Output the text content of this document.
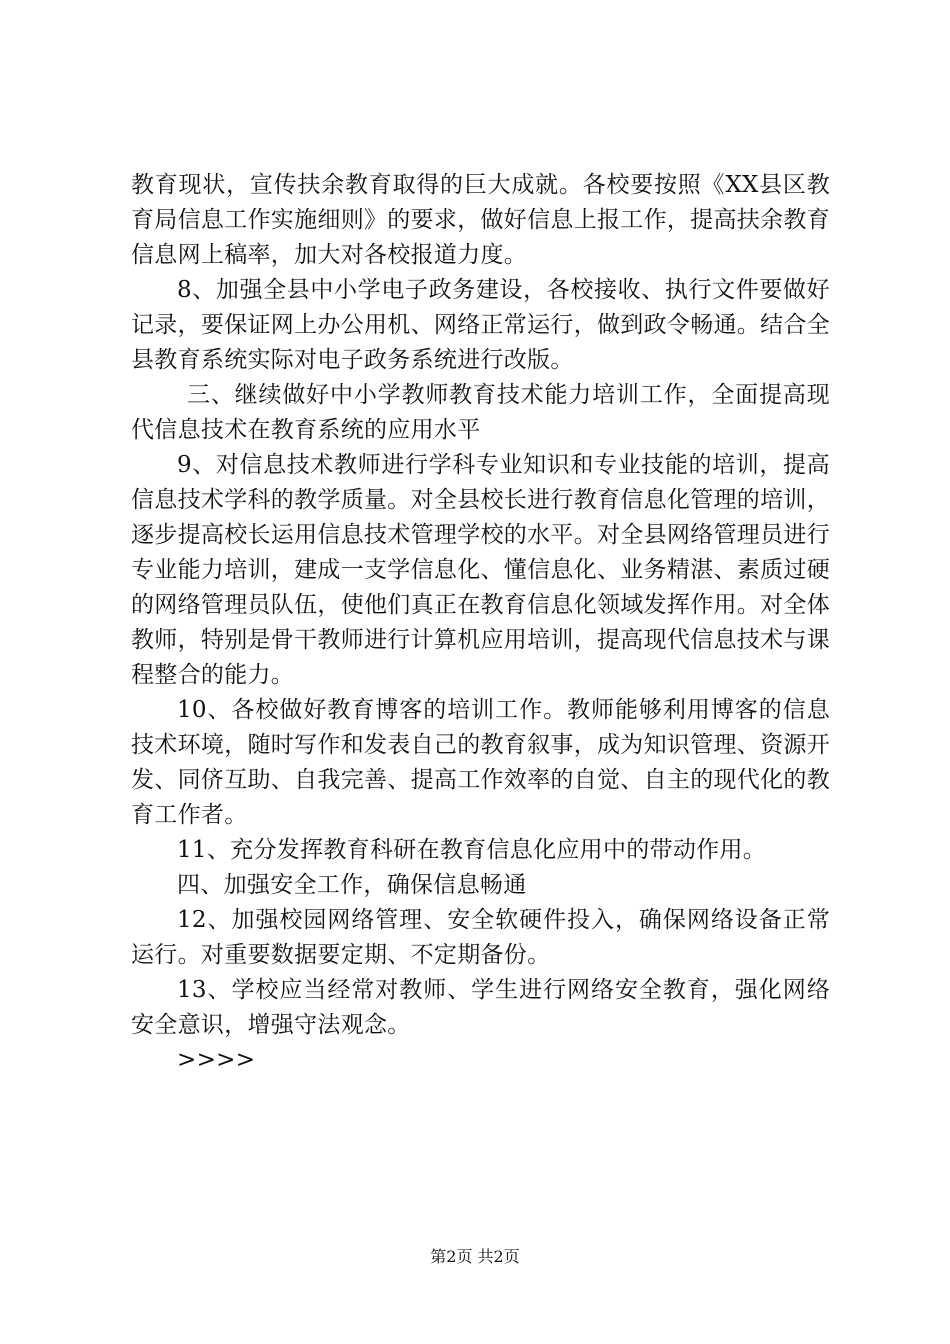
教育现状，宣传扶余教育取得的巨大成就。各校要按照《XX县区教育局信息工作实施细则》的要求，做好信息上报工作，提高扶余教育信息网上稿率，加大对各校报道力度。

8、加强全县中小学电子政务建设，各校接收、执行文件要做好记录，要保证网上办公用机、网络正常运行，做到政令畅通。结合全县教育系统实际对电子政务系统进行改版。

三、继续做好中小学教师教育技术能力培训工作，全面提高现代信息技术在教育系统的应用水平

9、对信息技术教师进行学科专业知识和专业技能的培训，提高信息技术学科的教学质量。对全县校长进行教育信息化管理的培训，逐步提高校长运用信息技术管理学校的水平。对全县网络管理员进行专业能力培训，建成一支学信息化、懂信息化、业务精湛、素质过硬的网络管理员队伍，使他们真正在教育信息化领域发挥作用。对全体教师，特别是骨干教师进行计算机应用培训，提高现代信息技术与课程整合的能力。

10、各校做好教育博客的培训工作。教师能够利用博客的信息技术环境，随时写作和发表自己的教育叙事，成为知识管理、资源开发、同侪互助、自我完善、提高工作效率的自觉、自主的现代化的教育工作者。

11、充分发挥教育科研在教育信息化应用中的带动作用。

四、加强安全工作，确保信息畅通

12、加强校园网络管理、安全软硬件投入，确保网络设备正常运行。对重要数据要定期、不定期备份。

13、学校应当经常对教师、学生进行网络安全教育，强化网络安全意识，增强守法观念。

>>>>

第2页 共2页
